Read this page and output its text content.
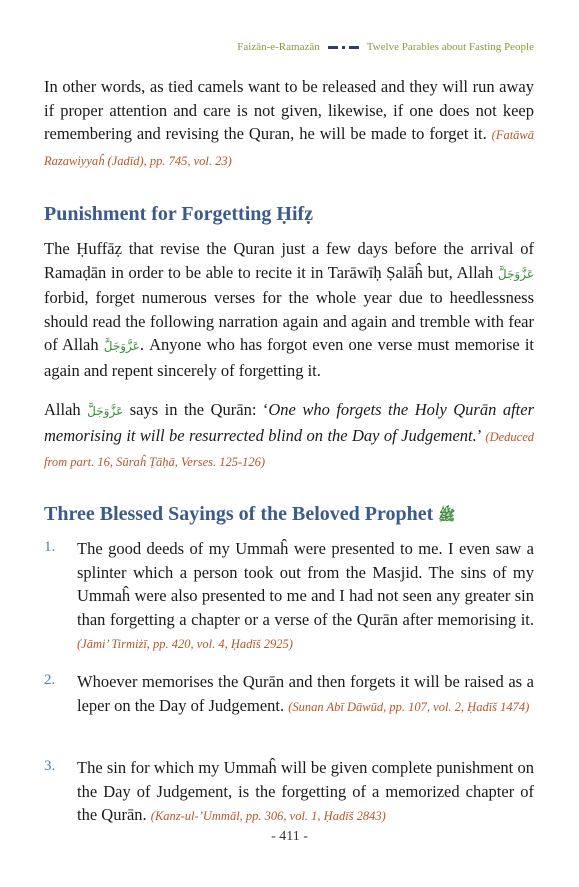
Faizān-e-Ramazān	Twelve Parables about Fasting People

In other words, as tied camels want to be released and they will run away if proper attention and care is not given, likewise, if one does not keep remembering and revising the Quran, he will be made to forget it. (Fatāwā Razawiyyaĥ (Jadīd), pp. 745, vol. 23)

Punishment for Forgetting Ḥifẓ

The Ḥuffāẓ that revise the Quran just a few days before the arrival of Ramaḍān in order to be able to recite it in Tarāwīḥ Ṣalāĥ but, Allah عَزَّوَجَلَّ forbid, forget numerous verses for the whole year due to heedlessness should read the following narration again and again and tremble with fear of Allah عَزَّوَجَلَّ. Anyone who has forgot even one verse must memorise it again and repent sincerely of forgetting it.

Allah عَزَّوَجَلَّ says in the Qurān: ‘One who forgets the Holy Qurān after memorising it will be resurrected blind on the Day of Judgement.’ (Deduced from part. 16, Sūraĥ Ṭāḥā, Verses. 125-126)

Three Blessed Sayings of the Beloved Prophet ﷺ
1. The good deeds of my Ummaĥ were presented to me. I even saw a splinter which a person took out from the Masjid. The sins of my Ummaĥ were also presented to me and I had not seen any greater sin than forgetting a chapter or a verse of the Qurān after memorising it. (Jāmi’ Tirmiżī, pp. 420, vol. 4, Ḥadīš 2925)

2. Whoever memorises the Qurān and then forgets it will be raised as a leper on the Day of Judgement. (Sunan Abī Dāwūd, pp. 107, vol. 2, Ḥadīš 1474)

3. The sin for which my Ummaĥ will be given complete punishment on the Day of Judgement, is the forgetting of a memorized chapter of the Qurān. (Kanz-ul-’Ummāl, pp. 306, vol. 1, Ḥadīš 2843)

- 411 -
